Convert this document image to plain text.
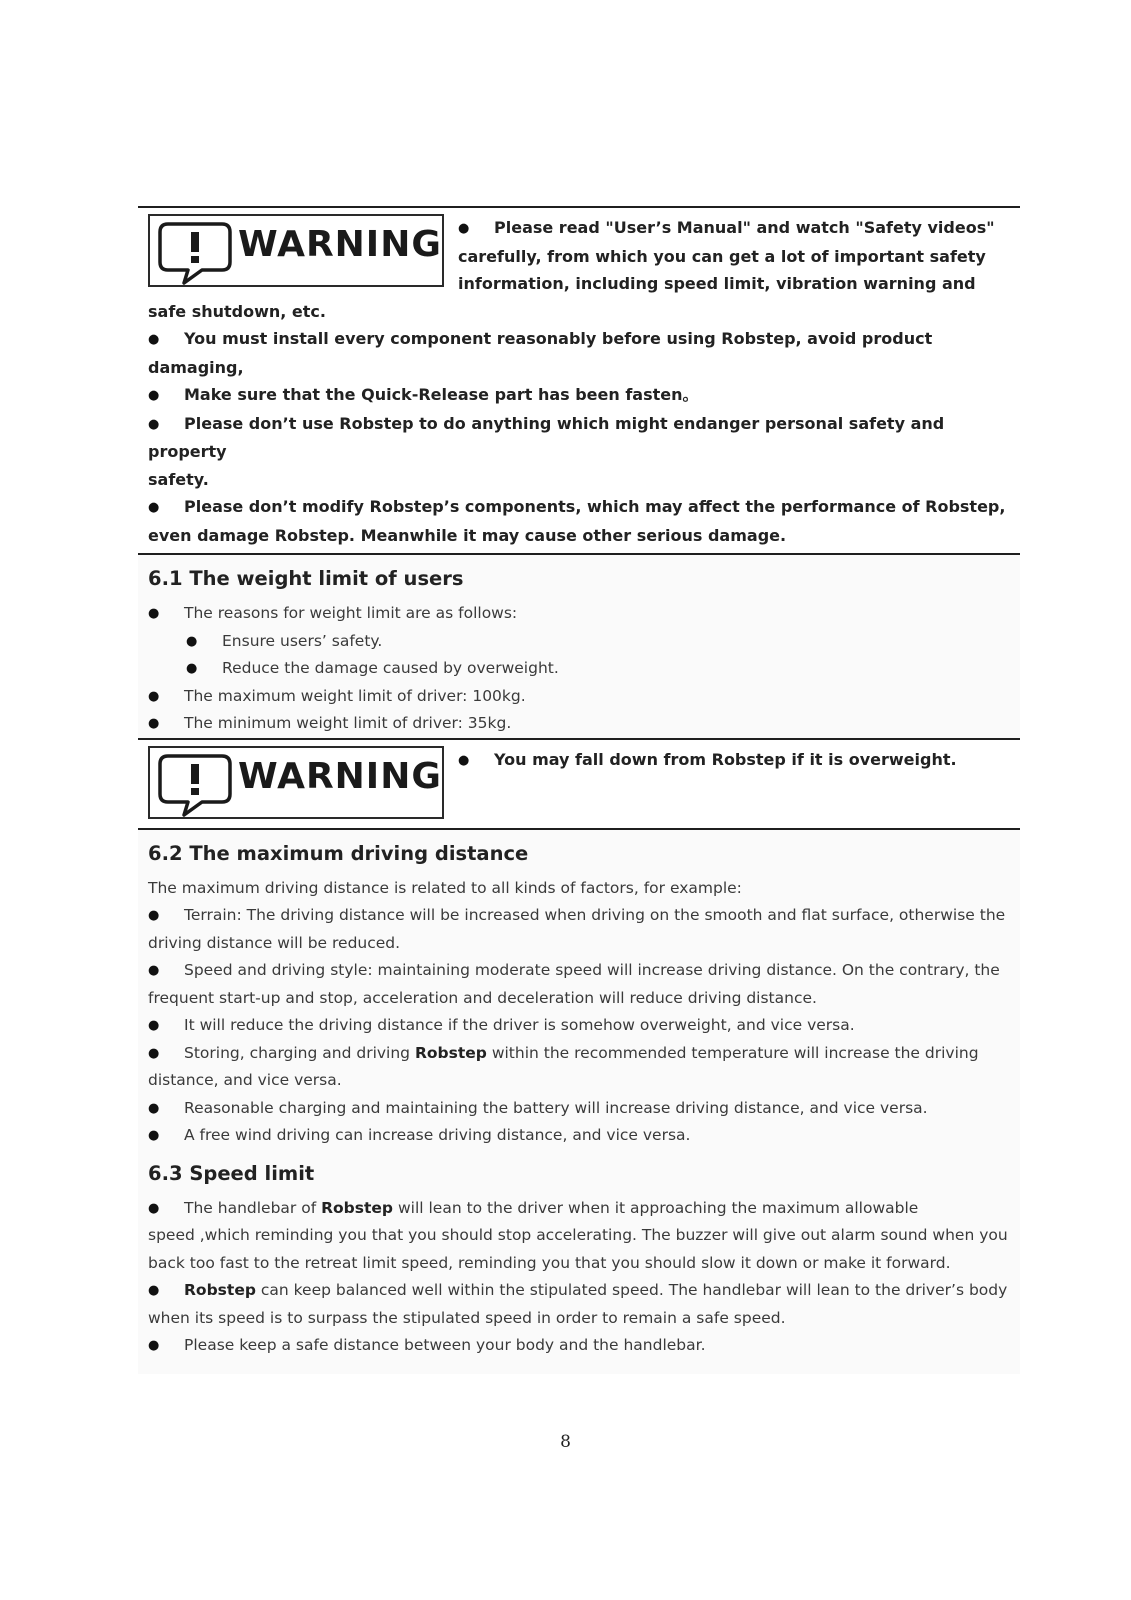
WARNING	● Please read "User’s Manual" and watch "Safety videos"

carefully, from which you can get a lot of important safety

information, including speed limit, vibration warning and

safe shutdown, etc.

● You must install every component reasonably before using Robstep, avoid product damaging,

● Make sure that the Quick-Release part has been fasten。

● Please don’t use Robstep to do anything which might endanger personal safety and property

safety.

● Please don’t modify Robstep’s components, which may affect the performance of Robstep,

even damage Robstep. Meanwhile it may cause other serious damage.

6.1 The weight limit of users

● The reasons for weight limit are as follows:

● Ensure users’ safety.

● Reduce the damage caused by overweight.

● The maximum weight limit of driver: 100kg.

● The minimum weight limit of driver: 35kg.

WARNING	● You may fall down from Robstep if it is overweight.

6.2 The maximum driving distance

The maximum driving distance is related to all kinds of factors, for example:

● Terrain: The driving distance will be increased when driving on the smooth and flat surface, otherwise the

driving distance will be reduced.

● Speed and driving style: maintaining moderate speed will increase driving distance. On the contrary, the

frequent start-up and stop, acceleration and deceleration will reduce driving distance.

● It will reduce the driving distance if the driver is somehow overweight, and vice versa.

● Storing, charging and driving Robstep within the recommended temperature will increase the driving

distance, and vice versa.

● Reasonable charging and maintaining the battery will increase driving distance, and vice versa.

● A free wind driving can increase driving distance, and vice versa.

6.3 Speed limit

● The handlebar of Robstep will lean to the driver when it approaching the maximum allowable

speed ,which reminding you that you should stop accelerating. The buzzer will give out alarm sound when you

back too fast to the retreat limit speed, reminding you that you should slow it down or make it forward.

● Robstep can keep balanced well within the stipulated speed. The handlebar will lean to the driver’s body

when its speed is to surpass the stipulated speed in order to remain a safe speed.

● Please keep a safe distance between your body and the handlebar.

8
